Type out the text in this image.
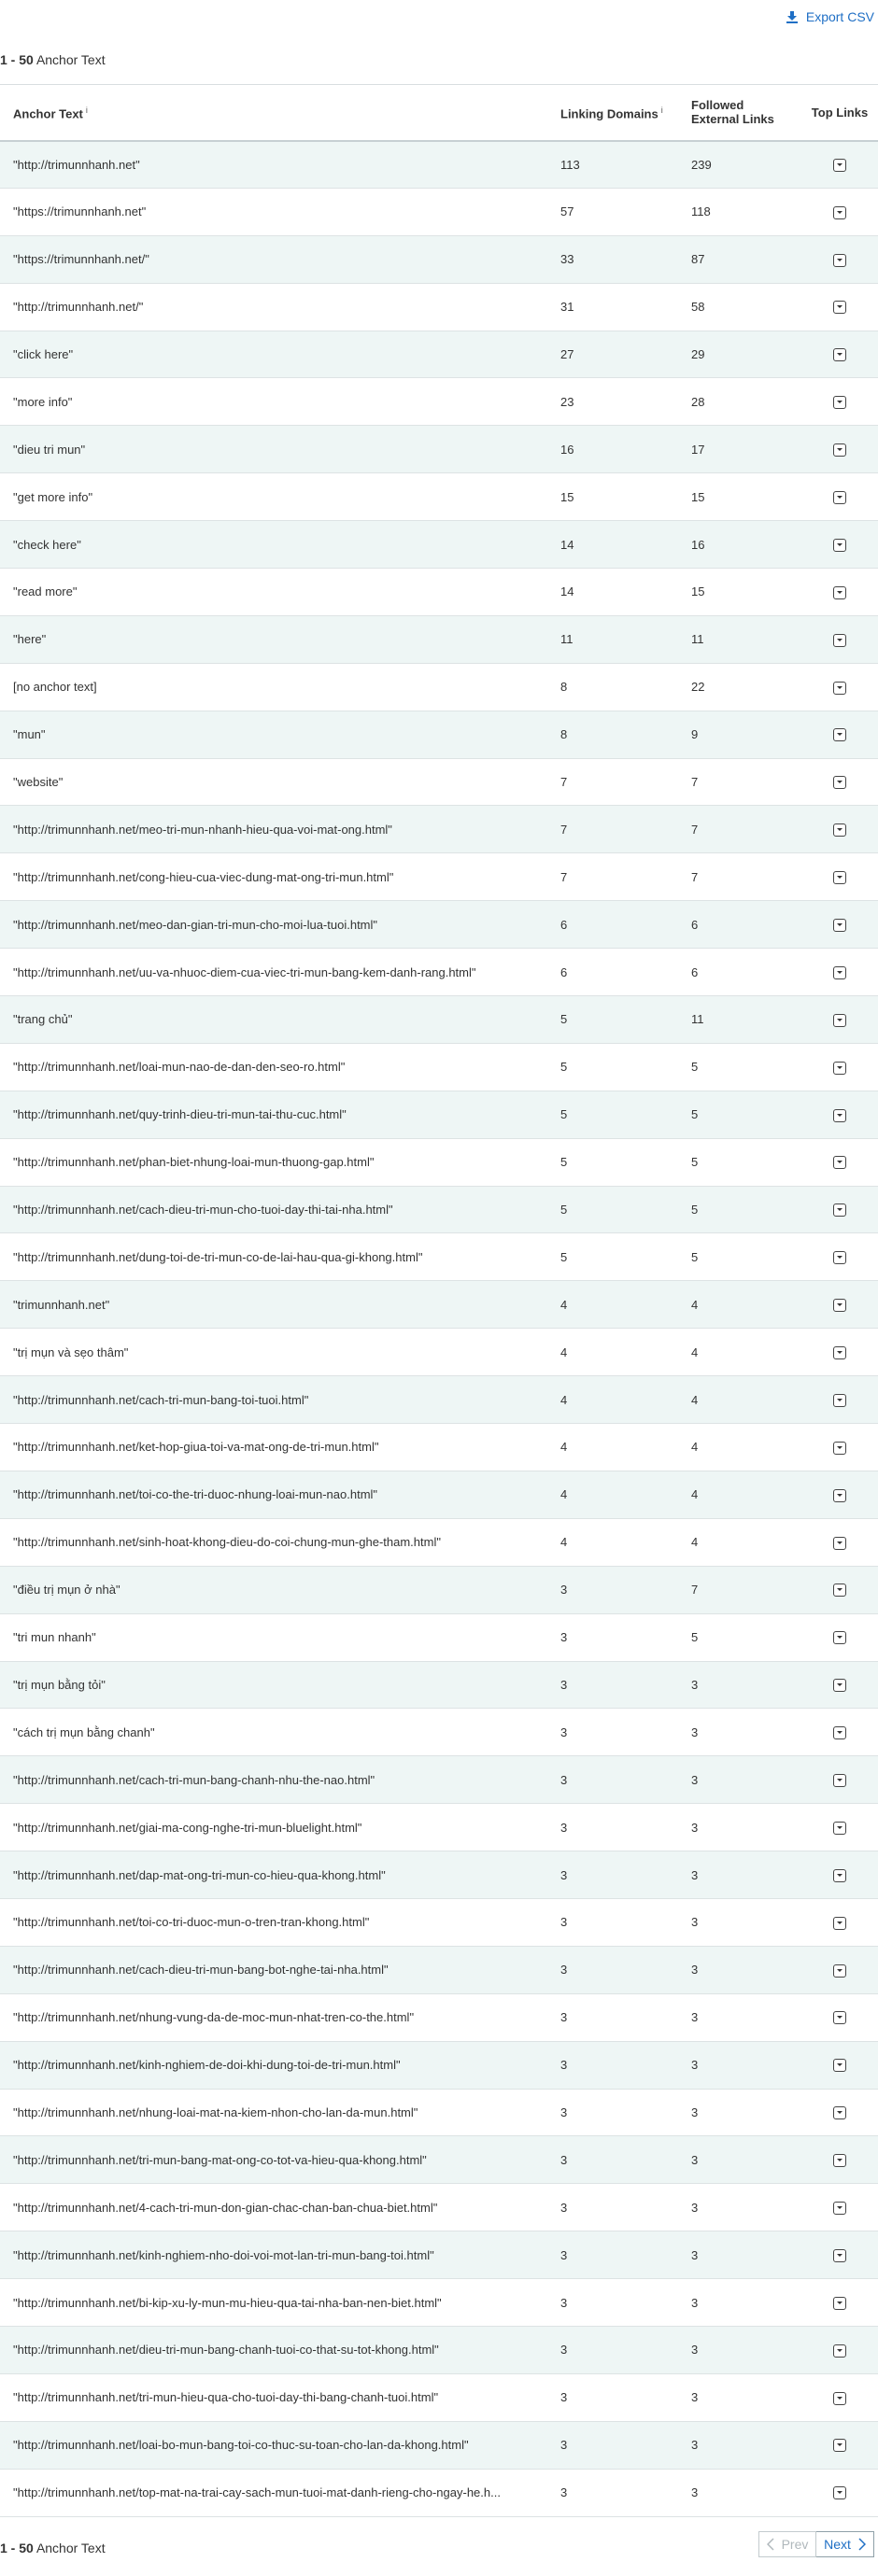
Export CSV
1 - 50 Anchor Text
Anchor Text $^i$	Linking Domains $^i$	Followed
External Links	Top Links
"http://trimunnhanh.net"	113	239	
"https://trimunnhanh.net"	57	118	
"https://trimunnhanh.net/"	33	87	
"http://trimunnhanh.net/"	31	58	
"click here"	27	29	
"more info"	23	28	
"dieu tri mun"	16	17	
"get more info"	15	15	
"check here"	14	16	
"read more"	14	15	
"here"	11	11	
[no anchor text]	8	22	
"mun"	8	9	
"website"	7	7	
"http://trimunnhanh.net/meo-tri-mun-nhanh-hieu-qua-voi-mat-ong.html"	7	7	
"http://trimunnhanh.net/cong-hieu-cua-viec-dung-mat-ong-tri-mun.html"	7	7	
"http://trimunnhanh.net/meo-dan-gian-tri-mun-cho-moi-lua-tuoi.html"	6	6	
"http://trimunnhanh.net/uu-va-nhuoc-diem-cua-viec-tri-mun-bang-kem-danh-rang.html"	6	6	
"trang chủ"	5	11	
"http://trimunnhanh.net/loai-mun-nao-de-dan-den-seo-ro.html"	5	5	
"http://trimunnhanh.net/quy-trinh-dieu-tri-mun-tai-thu-cuc.html"	5	5	
"http://trimunnhanh.net/phan-biet-nhung-loai-mun-thuong-gap.html"	5	5	
"http://trimunnhanh.net/cach-dieu-tri-mun-cho-tuoi-day-thi-tai-nha.html"	5	5	
"http://trimunnhanh.net/dung-toi-de-tri-mun-co-de-lai-hau-qua-gi-khong.html"	5	5	
"trimunnhanh.net"	4	4	
"trị mụn và sẹo thâm"	4	4	
"http://trimunnhanh.net/cach-tri-mun-bang-toi-tuoi.html"	4	4	
"http://trimunnhanh.net/ket-hop-giua-toi-va-mat-ong-de-tri-mun.html"	4	4	
"http://trimunnhanh.net/toi-co-the-tri-duoc-nhung-loai-mun-nao.html"	4	4	
"http://trimunnhanh.net/sinh-hoat-khong-dieu-do-coi-chung-mun-ghe-tham.html"	4	4	
"điều trị mụn ở nhà"	3	7	
"tri mun nhanh"	3	5	
"trị mụn bằng tỏi"	3	3	
"cách trị mụn bằng chanh"	3	3	
"http://trimunnhanh.net/cach-tri-mun-bang-chanh-nhu-the-nao.html"	3	3	
"http://trimunnhanh.net/giai-ma-cong-nghe-tri-mun-bluelight.html"	3	3	
"http://trimunnhanh.net/dap-mat-ong-tri-mun-co-hieu-qua-khong.html"	3	3	
"http://trimunnhanh.net/toi-co-tri-duoc-mun-o-tren-tran-khong.html"	3	3	
"http://trimunnhanh.net/cach-dieu-tri-mun-bang-bot-nghe-tai-nha.html"	3	3	
"http://trimunnhanh.net/nhung-vung-da-de-moc-mun-nhat-tren-co-the.html"	3	3	
"http://trimunnhanh.net/kinh-nghiem-de-doi-khi-dung-toi-de-tri-mun.html"	3	3	
"http://trimunnhanh.net/nhung-loai-mat-na-kiem-nhon-cho-lan-da-mun.html"	3	3	
"http://trimunnhanh.net/tri-mun-bang-mat-ong-co-tot-va-hieu-qua-khong.html"	3	3	
"http://trimunnhanh.net/4-cach-tri-mun-don-gian-chac-chan-ban-chua-biet.html"	3	3	
"http://trimunnhanh.net/kinh-nghiem-nho-doi-voi-mot-lan-tri-mun-bang-toi.html"	3	3	
"http://trimunnhanh.net/bi-kip-xu-ly-mun-mu-hieu-qua-tai-nha-ban-nen-biet.html"	3	3	
"http://trimunnhanh.net/dieu-tri-mun-bang-chanh-tuoi-co-that-su-tot-khong.html"	3	3	
"http://trimunnhanh.net/tri-mun-hieu-qua-cho-tuoi-day-thi-bang-chanh-tuoi.html"	3	3	
"http://trimunnhanh.net/loai-bo-mun-bang-toi-co-thuc-su-toan-cho-lan-da-khong.html"	3	3	
"http://trimunnhanh.net/top-mat-na-trai-cay-sach-mun-tuoi-mat-danh-rieng-cho-ngay-he.h...	3	3	
1 - 50 Anchor Text	Prev Next
